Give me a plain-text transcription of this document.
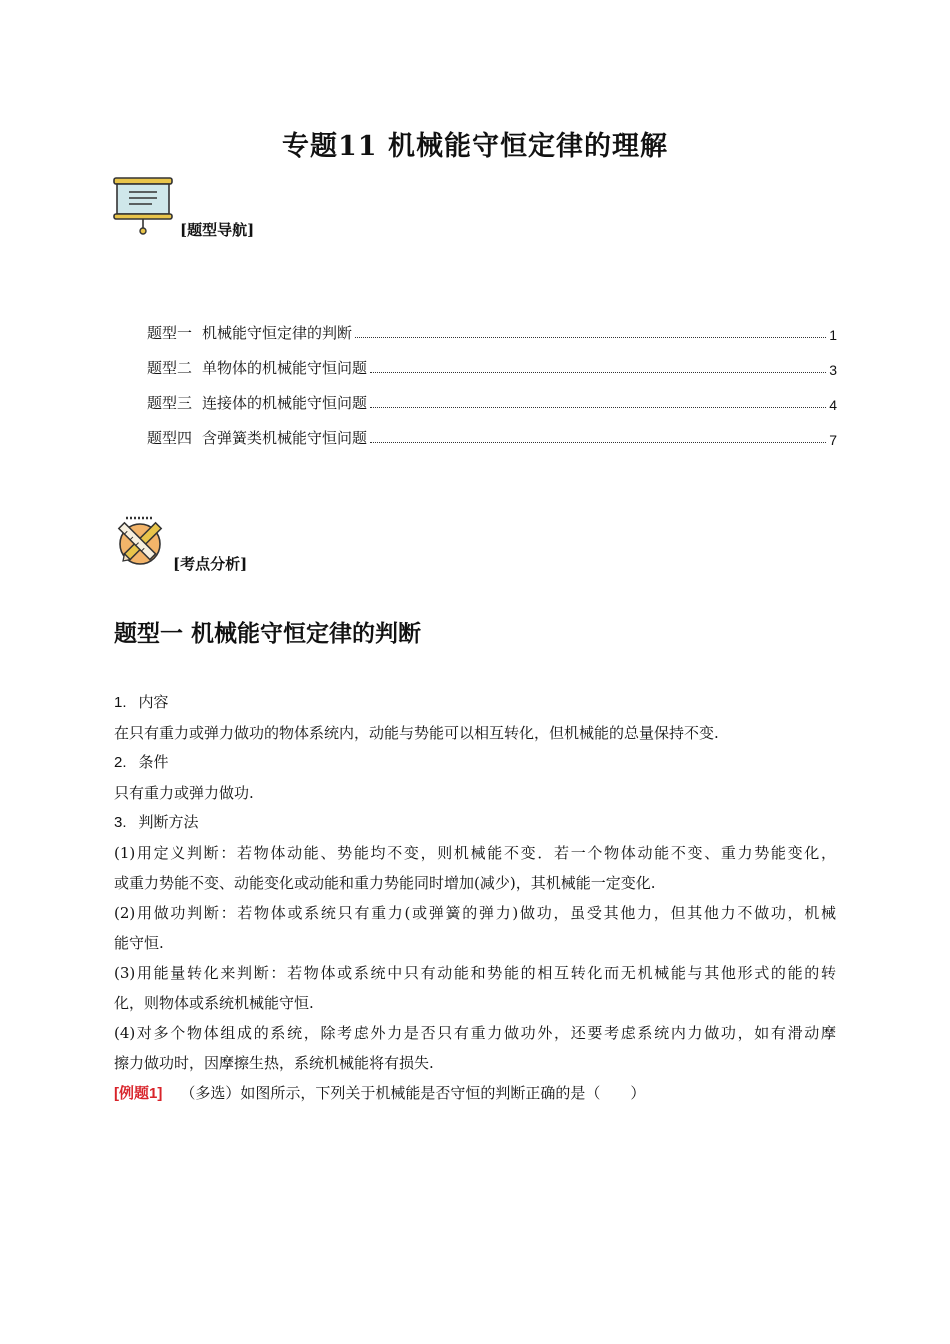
专题11 机械能守恒定律的理解
[题型导航]
题型一 机械能守恒定律的判断	1
题型二 单物体的机械能守恒问题	3
题型三 连接体的机械能守恒问题	4
题型四 含弹簧类机械能守恒问题	7
[考点分析]
题型一 机械能守恒定律的判断

1. 内容

在只有重力或弹力做功的物体系统内，动能与势能可以相互转化，但机械能的总量保持不变.

2. 条件

只有重力或弹力做功.

3. 判断方法

(1)用定义判断：若物体动能、势能均不变，则机械能不变．若一个物体动能不变、重力势能变化，

或重力势能不变、动能变化或动能和重力势能同时增加(减少)，其机械能一定变化.

(2)用做功判断：若物体或系统只有重力(或弹簧的弹力)做功，虽受其他力，但其他力不做功，机械

能守恒.

(3)用能量转化来判断：若物体或系统中只有动能和势能的相互转化而无机械能与其他形式的能的转

化，则物体或系统机械能守恒.

(4)对多个物体组成的系统，除考虑外力是否只有重力做功外，还要考虑系统内力做功，如有滑动摩

擦力做功时，因摩擦生热，系统机械能将有损失.

[例题1] （多选）如图所示，下列关于机械能是否守恒的判断正确的是（　　）
